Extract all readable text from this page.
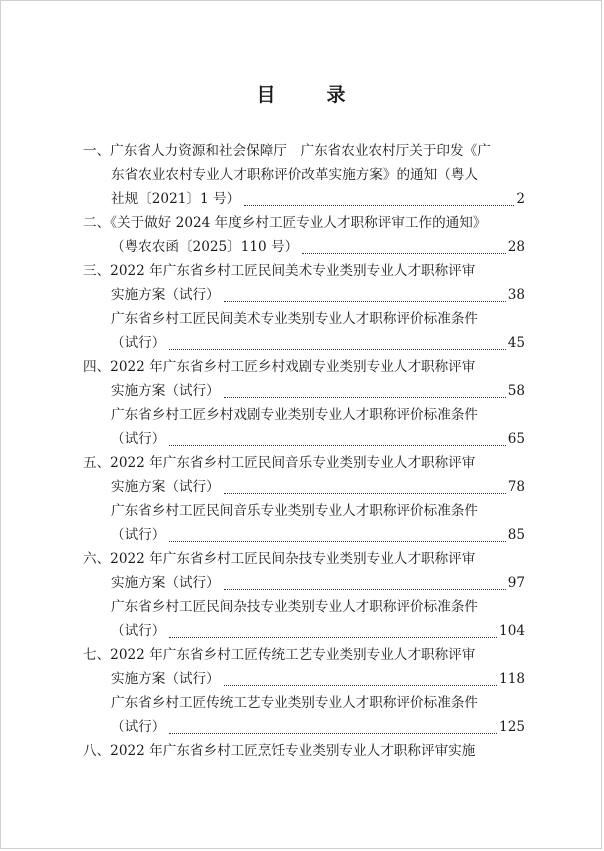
目　录
一、广东省人力资源和社会保障厅　广东省农业农村厅关于印发《广
东省农业农村专业人才职称评价改革实施方案》的通知（粤人
社规〔2021〕1 号）	2
二、《关于做好 2024 年度乡村工匠专业人才职称评审工作的通知》
（粤农农函〔2025〕110 号）	28
三、2022 年广东省乡村工匠民间美术专业类别专业人才职称评审
实施方案（试行）	38
广东省乡村工匠民间美术专业类别专业人才职称评价标准条件
（试行）	45
四、2022 年广东省乡村工匠乡村戏剧专业类别专业人才职称评审
实施方案（试行）	58
广东省乡村工匠乡村戏剧专业类别专业人才职称评价标准条件
（试行）	65
五、2022 年广东省乡村工匠民间音乐专业类别专业人才职称评审
实施方案（试行）	78
广东省乡村工匠民间音乐专业类别专业人才职称评价标准条件
（试行）	85
六、2022 年广东省乡村工匠民间杂技专业类别专业人才职称评审
实施方案（试行）	97
广东省乡村工匠民间杂技专业类别专业人才职称评价标准条件
（试行）	104
七、2022 年广东省乡村工匠传统工艺专业类别专业人才职称评审
实施方案（试行）	118
广东省乡村工匠传统工艺专业类别专业人才职称评价标准条件
（试行）	125
八、2022 年广东省乡村工匠烹饪专业类别专业人才职称评审实施
